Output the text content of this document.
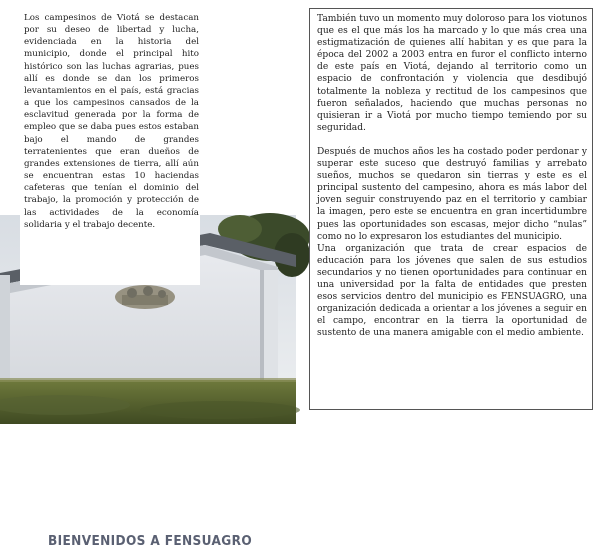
BIENVENIDOS A FENSUAGRO

Los campesinos de Viotá se destacan por su deseo de libertad y lucha, evidenciada en la historia del municipio, donde el principal hito histórico son las luchas agrarias, pues allí es donde se dan los primeros levantamientos en el país, está gracias a que los campesinos cansados de la esclavitud generada por la forma de empleo que se daba pues estos estaban bajo el mando de grandes terratenientes que eran dueños de grandes extensiones de tierra, allí aún se encuentran estas 10 haciendas cafeteras que tenían el dominio del trabajo, la promoción y protección de las actividades de la economía solidaria y el trabajo decente.

También tuvo un momento muy doloroso para los viotunos que es el que más los ha marcado y lo que más crea una estigmatización de quienes allí habitan y es que para la época del 2002 a 2003 entra en furor el conflicto interno de este país en Viotá, dejando al territorio como un espacio de confrontación y violencia que desdibujó totalmente la nobleza y rectitud de los campesinos que fueron señalados, haciendo que muchas personas no quisieran ir a Viotá por mucho tiempo temiendo por su seguridad.

Después de muchos años les ha costado poder perdonar y superar este suceso que destruyó familias y arrebato sueños, muchos se quedaron sin tierras y este es el principal sustento del campesino, ahora es más labor del joven seguir construyendo paz en el territorio y cambiar la imagen, pero este se encuentra en gran incertidumbre pues las oportunidades son escasas, mejor dicho “nulas” como no lo expresaron los estudiantes del municipio.

Una organización que trata de crear espacios de educación para los jóvenes que salen de sus estudios secundarios y no tienen oportunidades para continuar en una universidad por la falta de entidades que presten esos servicios dentro del municipio es FENSUAGRO, una organización dedicada a orientar a los jóvenes a seguir en el campo, encontrar en la tierra la oportunidad de sustento de una manera amigable con el medio ambiente.
